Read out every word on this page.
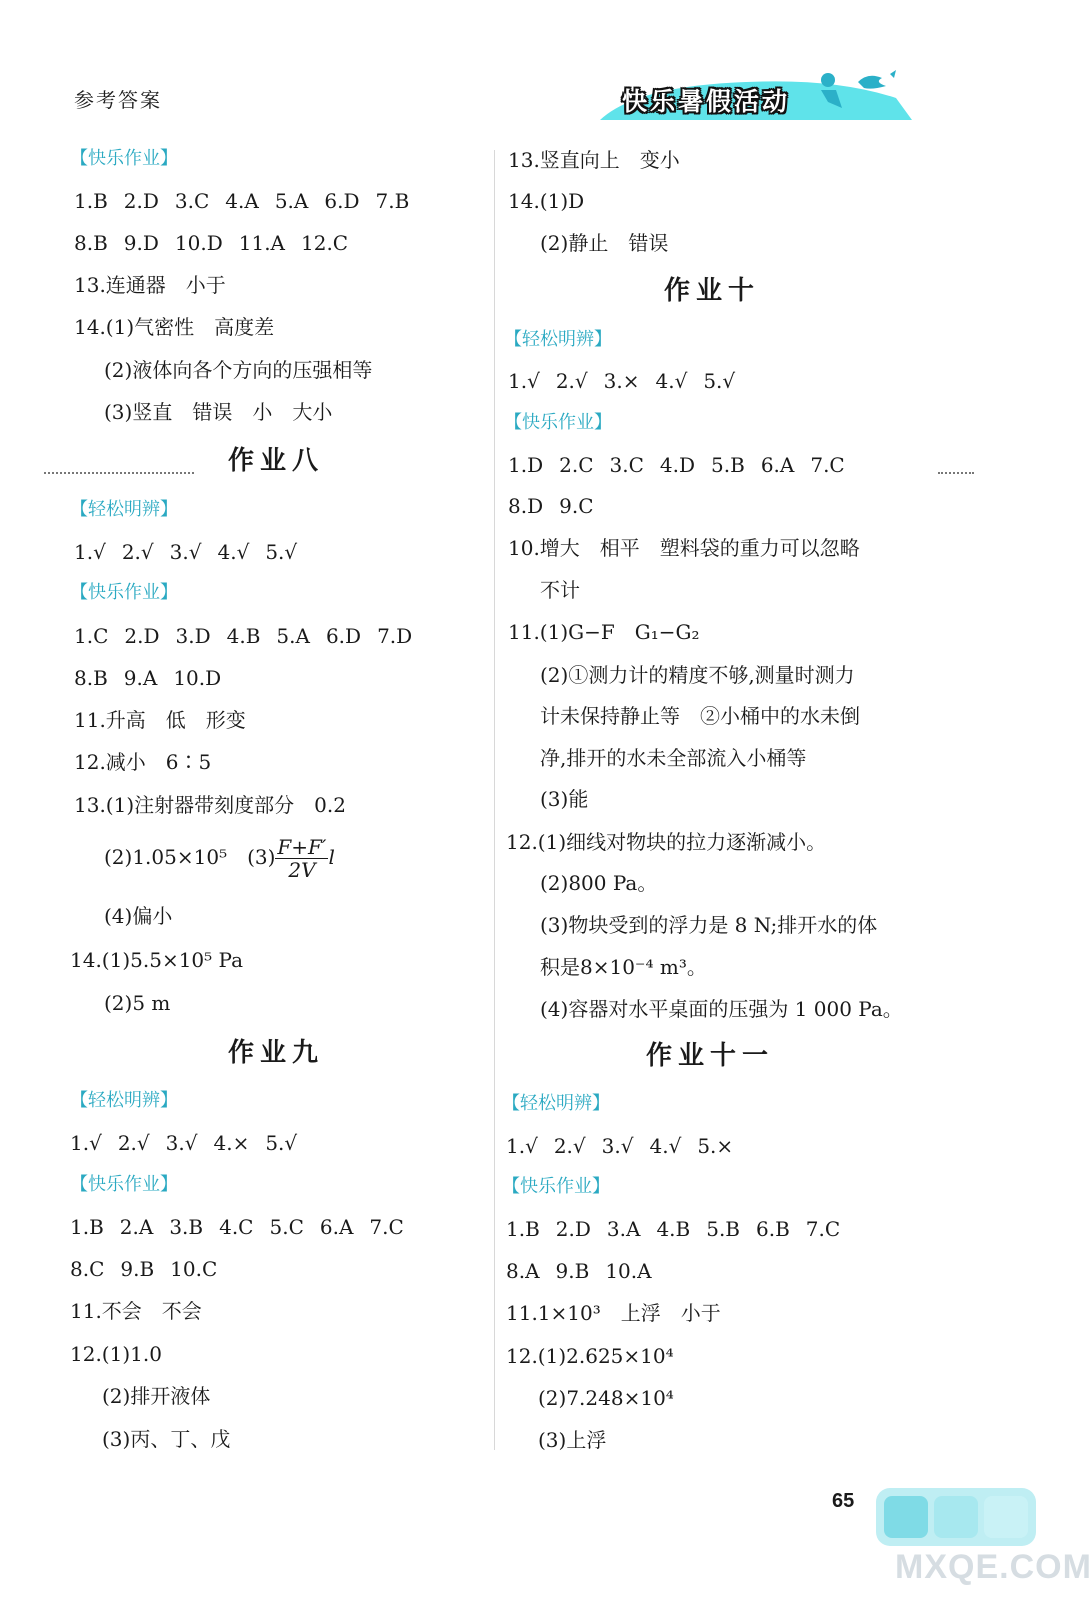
参考答案	快乐暑假活动
【快乐作业】
1.B 2.D 3.C 4.A 5.A 6.D 7.B
8.B 9.D 10.D 11.A 12.C
13.连通器　小于
14.(1)气密性　高度差
(2)液体向各个方向的压强相等
(3)竖直　错误　小　大小
作业八
【轻松明辨】
1.√ 2.√ 3.√ 4.√ 5.√
【快乐作业】
1.C 2.D 3.D 4.B 5.A 6.D 7.D
8.B 9.A 10.D
11.升高　低　形变
12.减小　6∶5
13.(1)注射器带刻度部分　0.2
(2)1.05×10⁵　$(3) \frac{F+F'}{2V}$ l
(4)偏小
14.(1)5.5×10⁵ Pa
(2)5 m
作业九
【轻松明辨】
1.√ 2.√ 3.√ 4.× 5.√
【快乐作业】
1.B 2.A 3.B 4.C 5.C 6.A 7.C
8.C 9.B 10.C
11.不会　不会
12.(1)1.0
(2)排开液体
(3)丙、丁、戊
13.竖直向上　变小
14.(1)D
(2)静止　错误
作业十
【轻松明辨】
1.√ 2.√ 3.× 4.√ 5.√
【快乐作业】
1.D 2.C 3.C 4.D 5.B 6.A 7.C
8.D 9.C
10.增大　相平　塑料袋的重力可以忽略
不计
11.(1)G−F　G₁−G₂
(2)①测力计的精度不够,测量时测力
计未保持静止等　②小桶中的水未倒
净,排开的水未全部流入小桶等
(3)能
12.(1)细线对物块的拉力逐渐减小。
(2)800 Pa。
(3)物块受到的浮力是 8 N;排开水的体
积是8×10⁻⁴ m³。
(4)容器对水平桌面的压强为 1 000 Pa。
作业十一
【轻松明辨】
1.√ 2.√ 3.√ 4.√ 5.×
【快乐作业】
1.B 2.D 3.A 4.B 5.B 6.B 7.C
8.A 9.B 10.A
11.1×10³　上浮　小于
12.(1)2.625×10⁴
(2)7.248×10⁴
(3)上浮
65
MXQE.COM
